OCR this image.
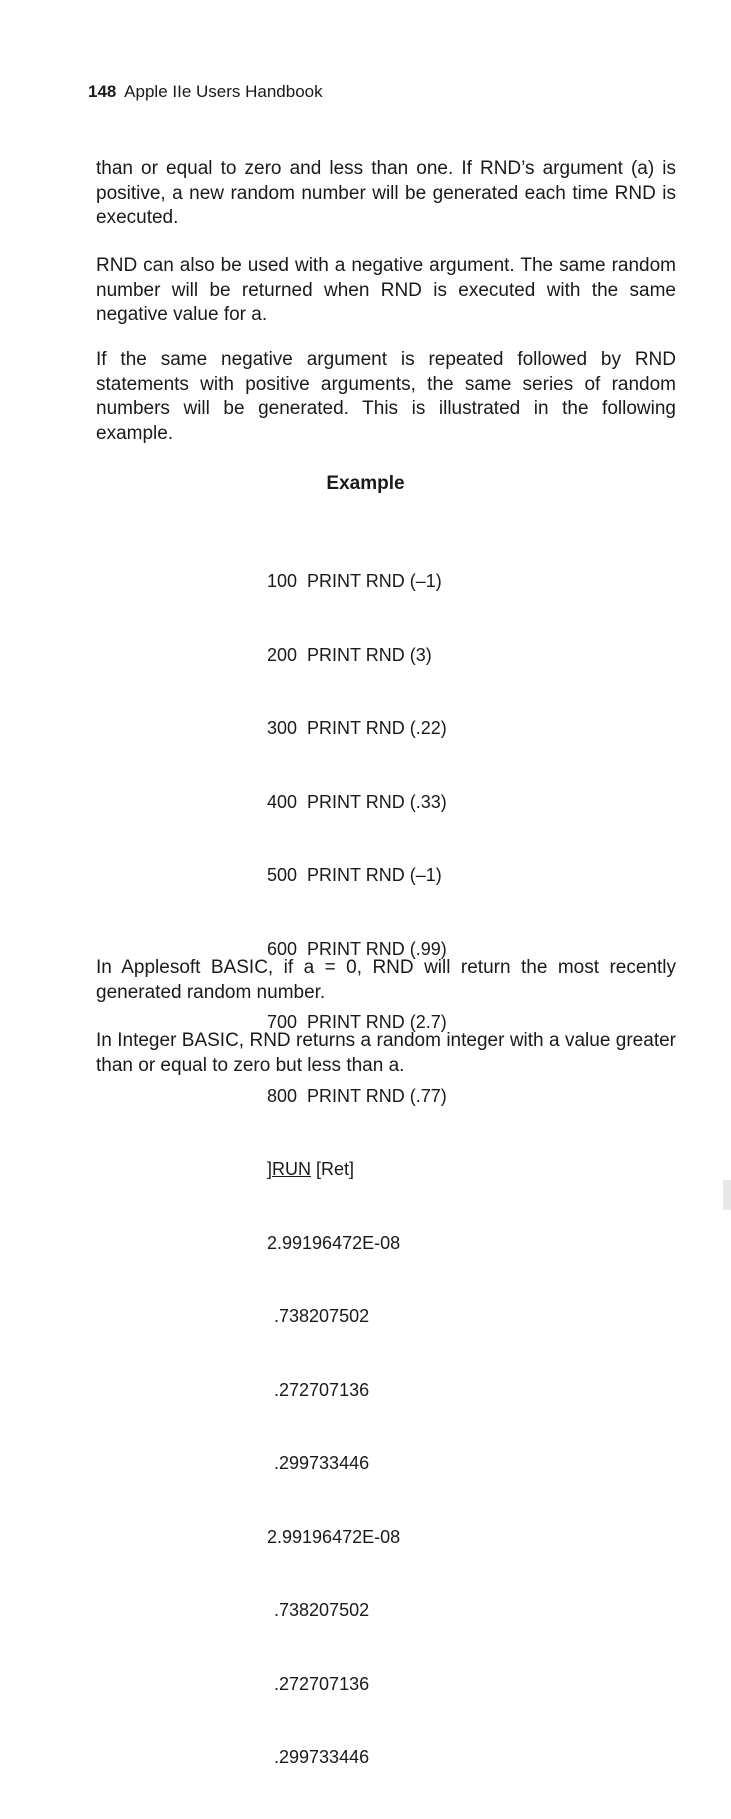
148 Apple IIe Users Handbook

than or equal to zero and less than one. If RND’s argument (a) is positive, a new random number will be generated each time RND is executed.

RND can also be used with a negative argument. The same random number will be returned when RND is executed with the same negative value for a.

If the same negative argument is repeated followed by RND statements with positive arguments, the same series of random numbers will be generated. This is illustrated in the following example.

Example

100  PRINT RND (–1)

200  PRINT RND (3)

300  PRINT RND (.22)

400  PRINT RND (.33)

500  PRINT RND (–1)

600  PRINT RND (.99)

700  PRINT RND (2.7)

800  PRINT RND (.77)

]RUN [Ret]

2.99196472E-08

.738207502

.272707136

.299733446

2.99196472E-08

.738207502

.272707136

.299733446

In Applesoft BASIC, if a = 0, RND will return the most recently generated random number.

In Integer BASIC, RND returns a random integer with a value greater than or equal to zero but less than a.
